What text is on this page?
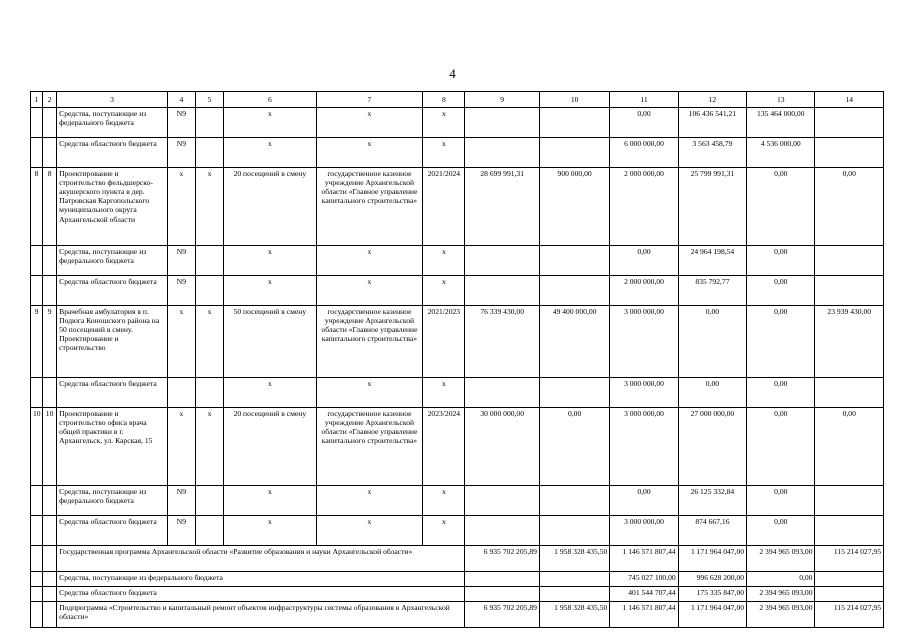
4
1	2	3	4	5	6	7	8	9	10	11	12	13	14
		Средства, поступающие из федерального бюджета	N9		x	x	x			0,00	106 436 541,21	135 464 000,00	
		Средства областного бюджета	N9		x	x	x			6 000 000,00	3 563 458,79	4 536 000,00	
8	8	Проектирование и строительство фельдшерско-акушерского пункта в дер. Патровская Каргопольского муниципального округа Архангельской области	x	x	20 посещений в смену	государственное казенное учреждение Архангельской области «Главное управление капитального строительства»	2021/2024	28 699 991,31	900 000,00	2 000 000,00	25 799 991,31	0,00	0,00
		Средства, поступающие из федерального бюджета	N9		x	x	x			0,00	24 964 198,54	0,00	
		Средства областного бюджета	N9		x	x	x			2 000 000,00	835 792,77	0,00	
9	9	Врачебная амбулатория в п. Подюга Коношского района на 50 посещений в смену. Проектирование и строительство	x	x	50 посещений в смену	государственное казенное учреждение Архангельской области «Главное управление капитального строительства»	2021/2023	76 339 430,00	49 400 000,00	3 000 000,00	0,00	0,00	23 939 430,00
		Средства областного бюджета			x	x	x			3 000 000,00	0,00	0,00	
10	10	Проектирование и строительство офиса врача общей практики в г. Архангельск, ул. Карская, 15	x	x	20 посещений в смену	государственное казенное учреждение Архангельской области «Главное управление капитального строительства»	2023/2024	30 000 000,00	0,00	3 000 000,00	27 000 000,00	0,00	0,00
		Средства, поступающие из федерального бюджета	N9		x	x	x			0,00	26 125 332,84	0,00	
		Средства областного бюджета	N9		x	x	x			3 000 000,00	874 667,16	0,00	
		Государственная программа Архангельской области «Развитие образования и науки Архангельской области»						6 935 702 205,89	1 958 328 435,50	1 146 571 807,44	1 171 964 047,00	2 394 965 093,00	115 214 027,95
		Средства, поступающие из федерального бюджета								745 027 100,00	996 628 200,00	0,00	
		Средства областного бюджета								401 544 707,44	175 335 847,00	2 394 965 093,00	
		Подпрограмма «Строительство и капитальный ремонт объектов инфраструктуры системы образования в Архангельской области»						6 935 702 205,89	1 958 328 435,50	1 146 571 807,44	1 171 964 047,00	2 394 965 093,00	115 214 027,95
